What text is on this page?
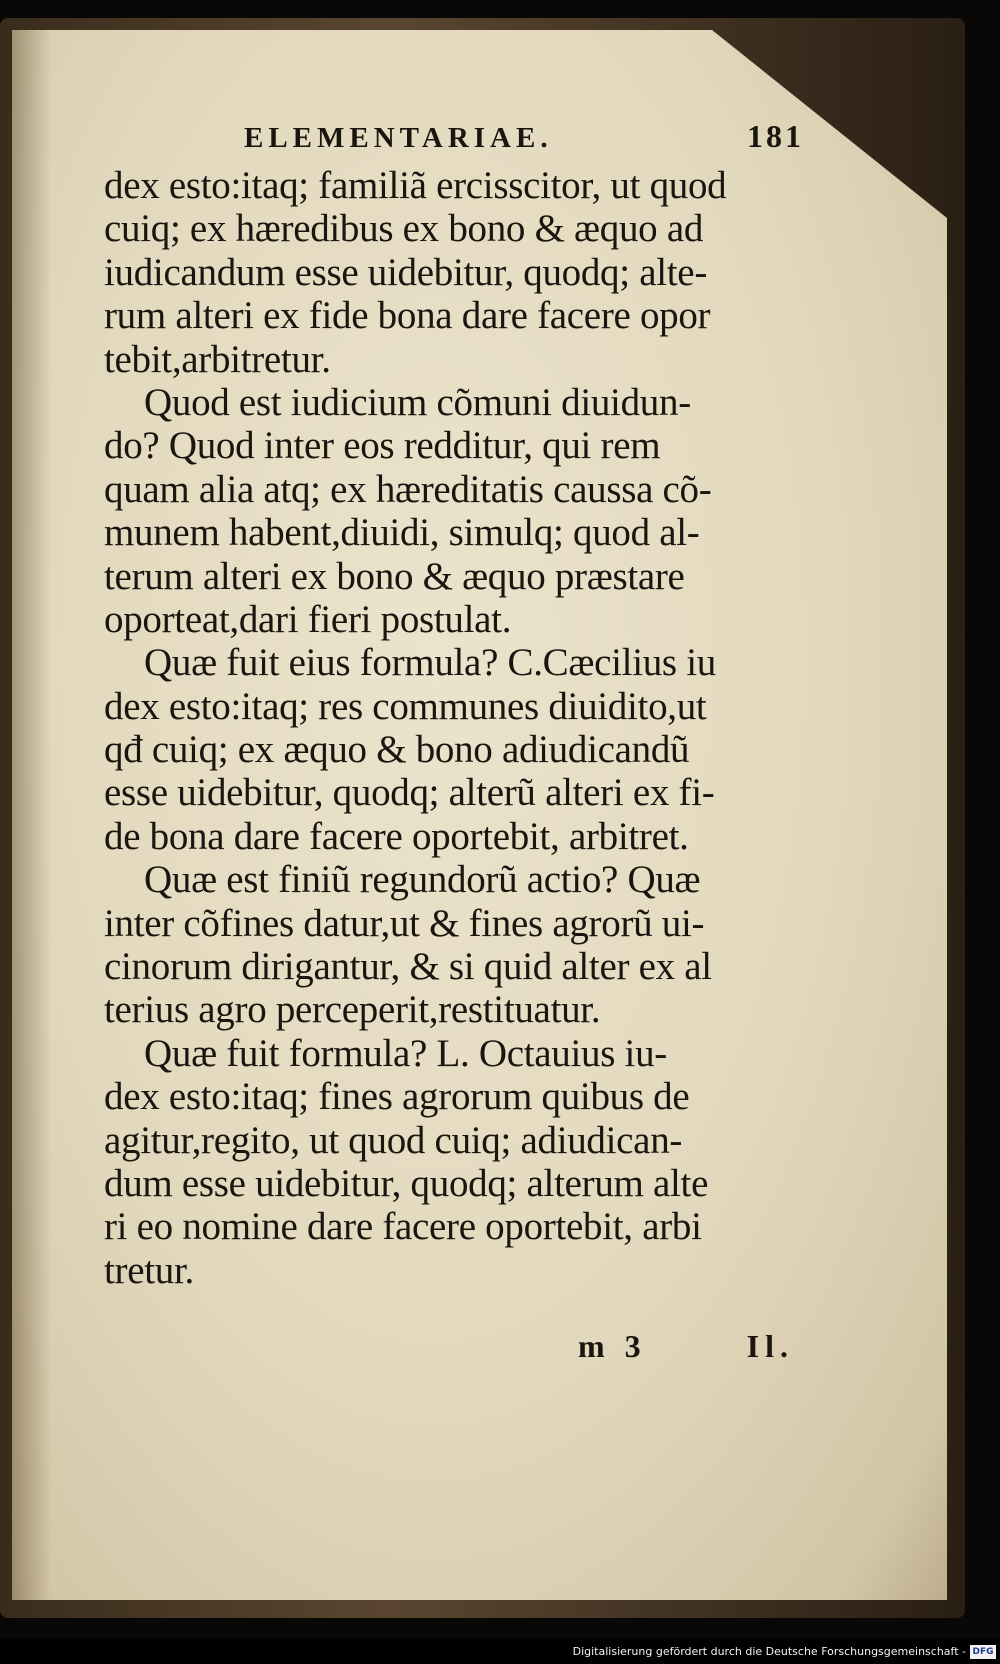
ELEMENTARIAE.	181
dex esto:itaq; familiã ercisscitor, ut quod
cuiq; ex hæredibus ex bono & æquo ad
iudicandum esse uidebitur, quodq; alte-
rum alteri ex fide bona dare facere opor
tebit,arbitretur.
Quod est iudicium cõmuni diuidun-
do? Quod inter eos redditur, qui rem
quam alia atq; ex hæreditatis caussa cõ-
munem habent,diuidi, simulq; quod al-
terum alteri ex bono & æquo præstare
oporteat,dari fieri postulat.
Quæ fuit eius formula? C.Cæcilius iu
dex esto:itaq; res communes diuidito,ut
qđ cuiq; ex æquo & bono adiudicandũ
esse uidebitur, quodq; alterũ alteri ex fi-
de bona dare facere oportebit, arbitret.
Quæ est finiũ regundorũ actio? Quæ
inter cõfines datur,ut & fines agrorũ ui-
cinorum dirigantur, & si quid alter ex al
terius agro perceperit,restituatur.
Quæ fuit formula? L. Octauius iu-
dex esto:itaq; fines agrorum quibus de
agitur,regito, ut quod cuiq; adiudican-
dum esse uidebitur, quodq; alterum alte
ri eo nomine dare facere oportebit, arbi
tretur.
m 3	Il.
Digitalisierung gefördert durch die Deutsche Forschungsgemeinschaft - DFG
